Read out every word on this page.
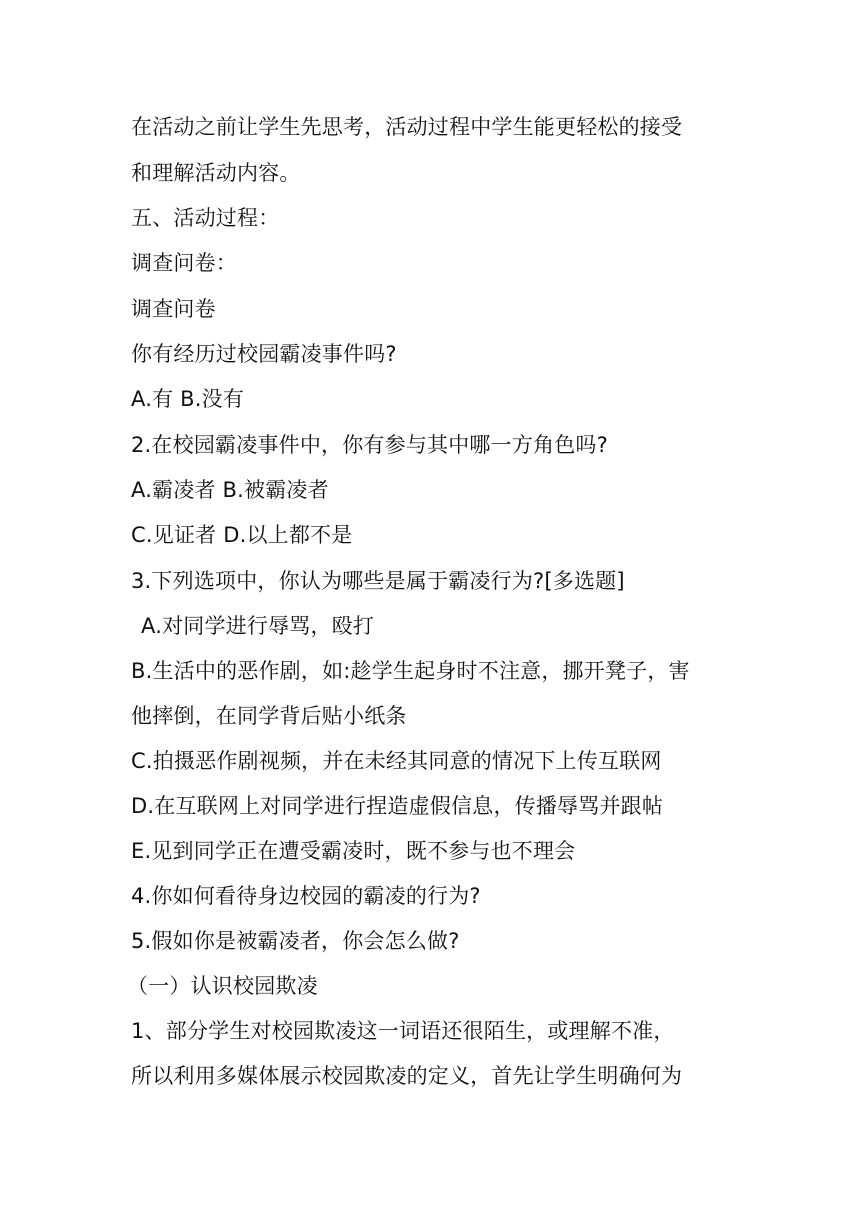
在活动之前让学生先思考，活动过程中学生能更轻松的接受
和理解活动内容。
五、活动过程：
调查问卷：
调查问卷
你有经历过校园霸凌事件吗?
A.有 B.没有
2.在校园霸凌事件中，你有参与其中哪一方角色吗?
A.霸凌者 B.被霸凌者
C.见证者 D.以上都不是
3.下列选项中，你认为哪些是属于霸凌行为?[多选题]
A.对同学进行辱骂，殴打
B.生活中的恶作剧，如:趁学生起身时不注意，挪开凳子，害
他摔倒，在同学背后贴小纸条
C.拍摄恶作剧视频，并在未经其同意的情况下上传互联网
D.在互联网上对同学进行捏造虚假信息，传播辱骂并跟帖
E.见到同学正在遭受霸凌时，既不参与也不理会
4.你如何看待身边校园的霸凌的行为?
5.假如你是被霸凌者，你会怎么做?
（一）认识校园欺凌
1、部分学生对校园欺凌这一词语还很陌生，或理解不准，
所以利用多媒体展示校园欺凌的定义，首先让学生明确何为
